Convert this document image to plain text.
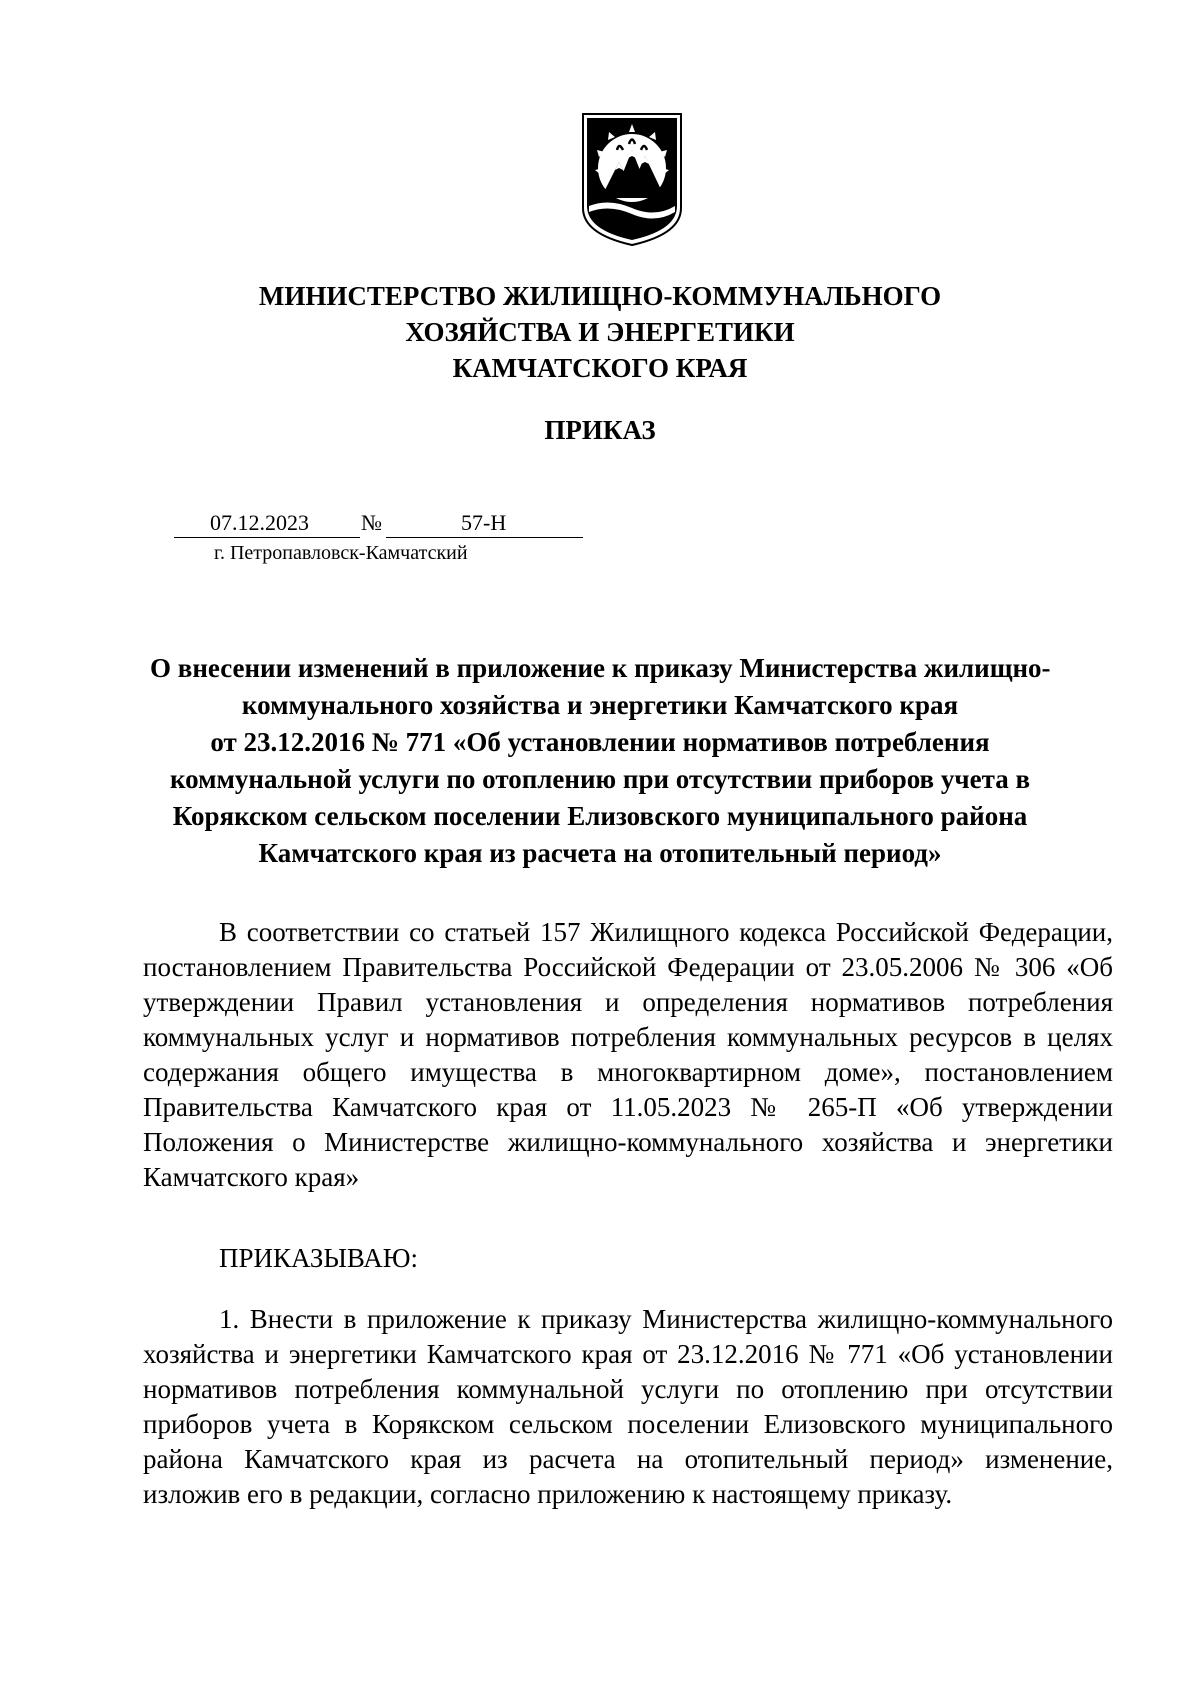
МИНИСТЕРСТВО ЖИЛИЩНО-КОММУНАЛЬНОГО
ХОЗЯЙСТВА И ЭНЕРГЕТИКИ
КАМЧАТСКОГО КРАЯ
ПРИКАЗ
07.12.2023 №	57-Н
г. Петропавловск-Камчатский
О внесении изменений в приложение к приказу Министерства жилищно-
коммунального хозяйства и энергетики Камчатского края
от 23.12.2016 № 771 «Об установлении нормативов потребления
коммунальной услуги по отоплению при отсутствии приборов учета в
Корякском сельском поселении Елизовского муниципального района
Камчатского края из расчета на отопительный период»
В соответствии со статьей 157 Жилищного кодекса Российской Федерации,
постановлением Правительства Российской Федерации от 23.05.2006 № 306 «Об
утверждении Правил установления и определения нормативов потребления
коммунальных услуг и нормативов потребления коммунальных ресурсов в целях
содержания общего имущества в многоквартирном доме», постановлением
Правительства Камчатского края от 11.05.2023 № 265-П «Об утверждении
Положения о Министерстве жилищно-коммунального хозяйства и энергетики
Камчатского края»
ПРИКАЗЫВАЮ:
1. Внести в приложение к приказу Министерства жилищно-коммунального
хозяйства и энергетики Камчатского края от 23.12.2016 № 771 «Об установлении
нормативов потребления коммунальной услуги по отоплению при отсутствии
приборов учета в Корякском сельском поселении Елизовского муниципального
района Камчатского края из расчета на отопительный период» изменение,
изложив его в редакции, согласно приложению к настоящему приказу.
